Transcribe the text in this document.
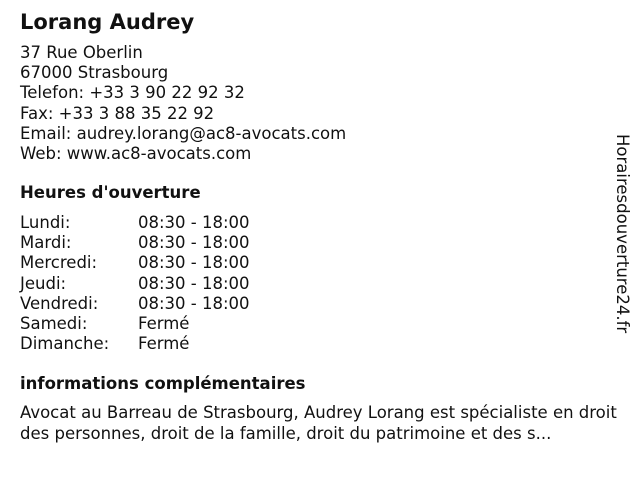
Lorang Audrey
37 Rue Oberlin
67000 Strasbourg
Telefon: +33 3 90 22 92 32
Fax: +33 3 88 35 22 92
Email: audrey.lorang@ac8-avocats.com
Web: www.ac8-avocats.com
Heures d'ouverture
Lundi:	08:30 - 18:00
Mardi:	08:30 - 18:00
Mercredi: 08:30 - 18:00
Jeudi:	08:30 - 18:00
Vendredi: 08:30 - 18:00
Samedi:	Fermé
Dimanche: Fermé
informations complémentaires
Avocat au Barreau de Strasbourg, Audrey Lorang est spécialiste en droit des personnes, droit de la famille, droit du patrimoine et des s...
Horairesdouverture24.fr
